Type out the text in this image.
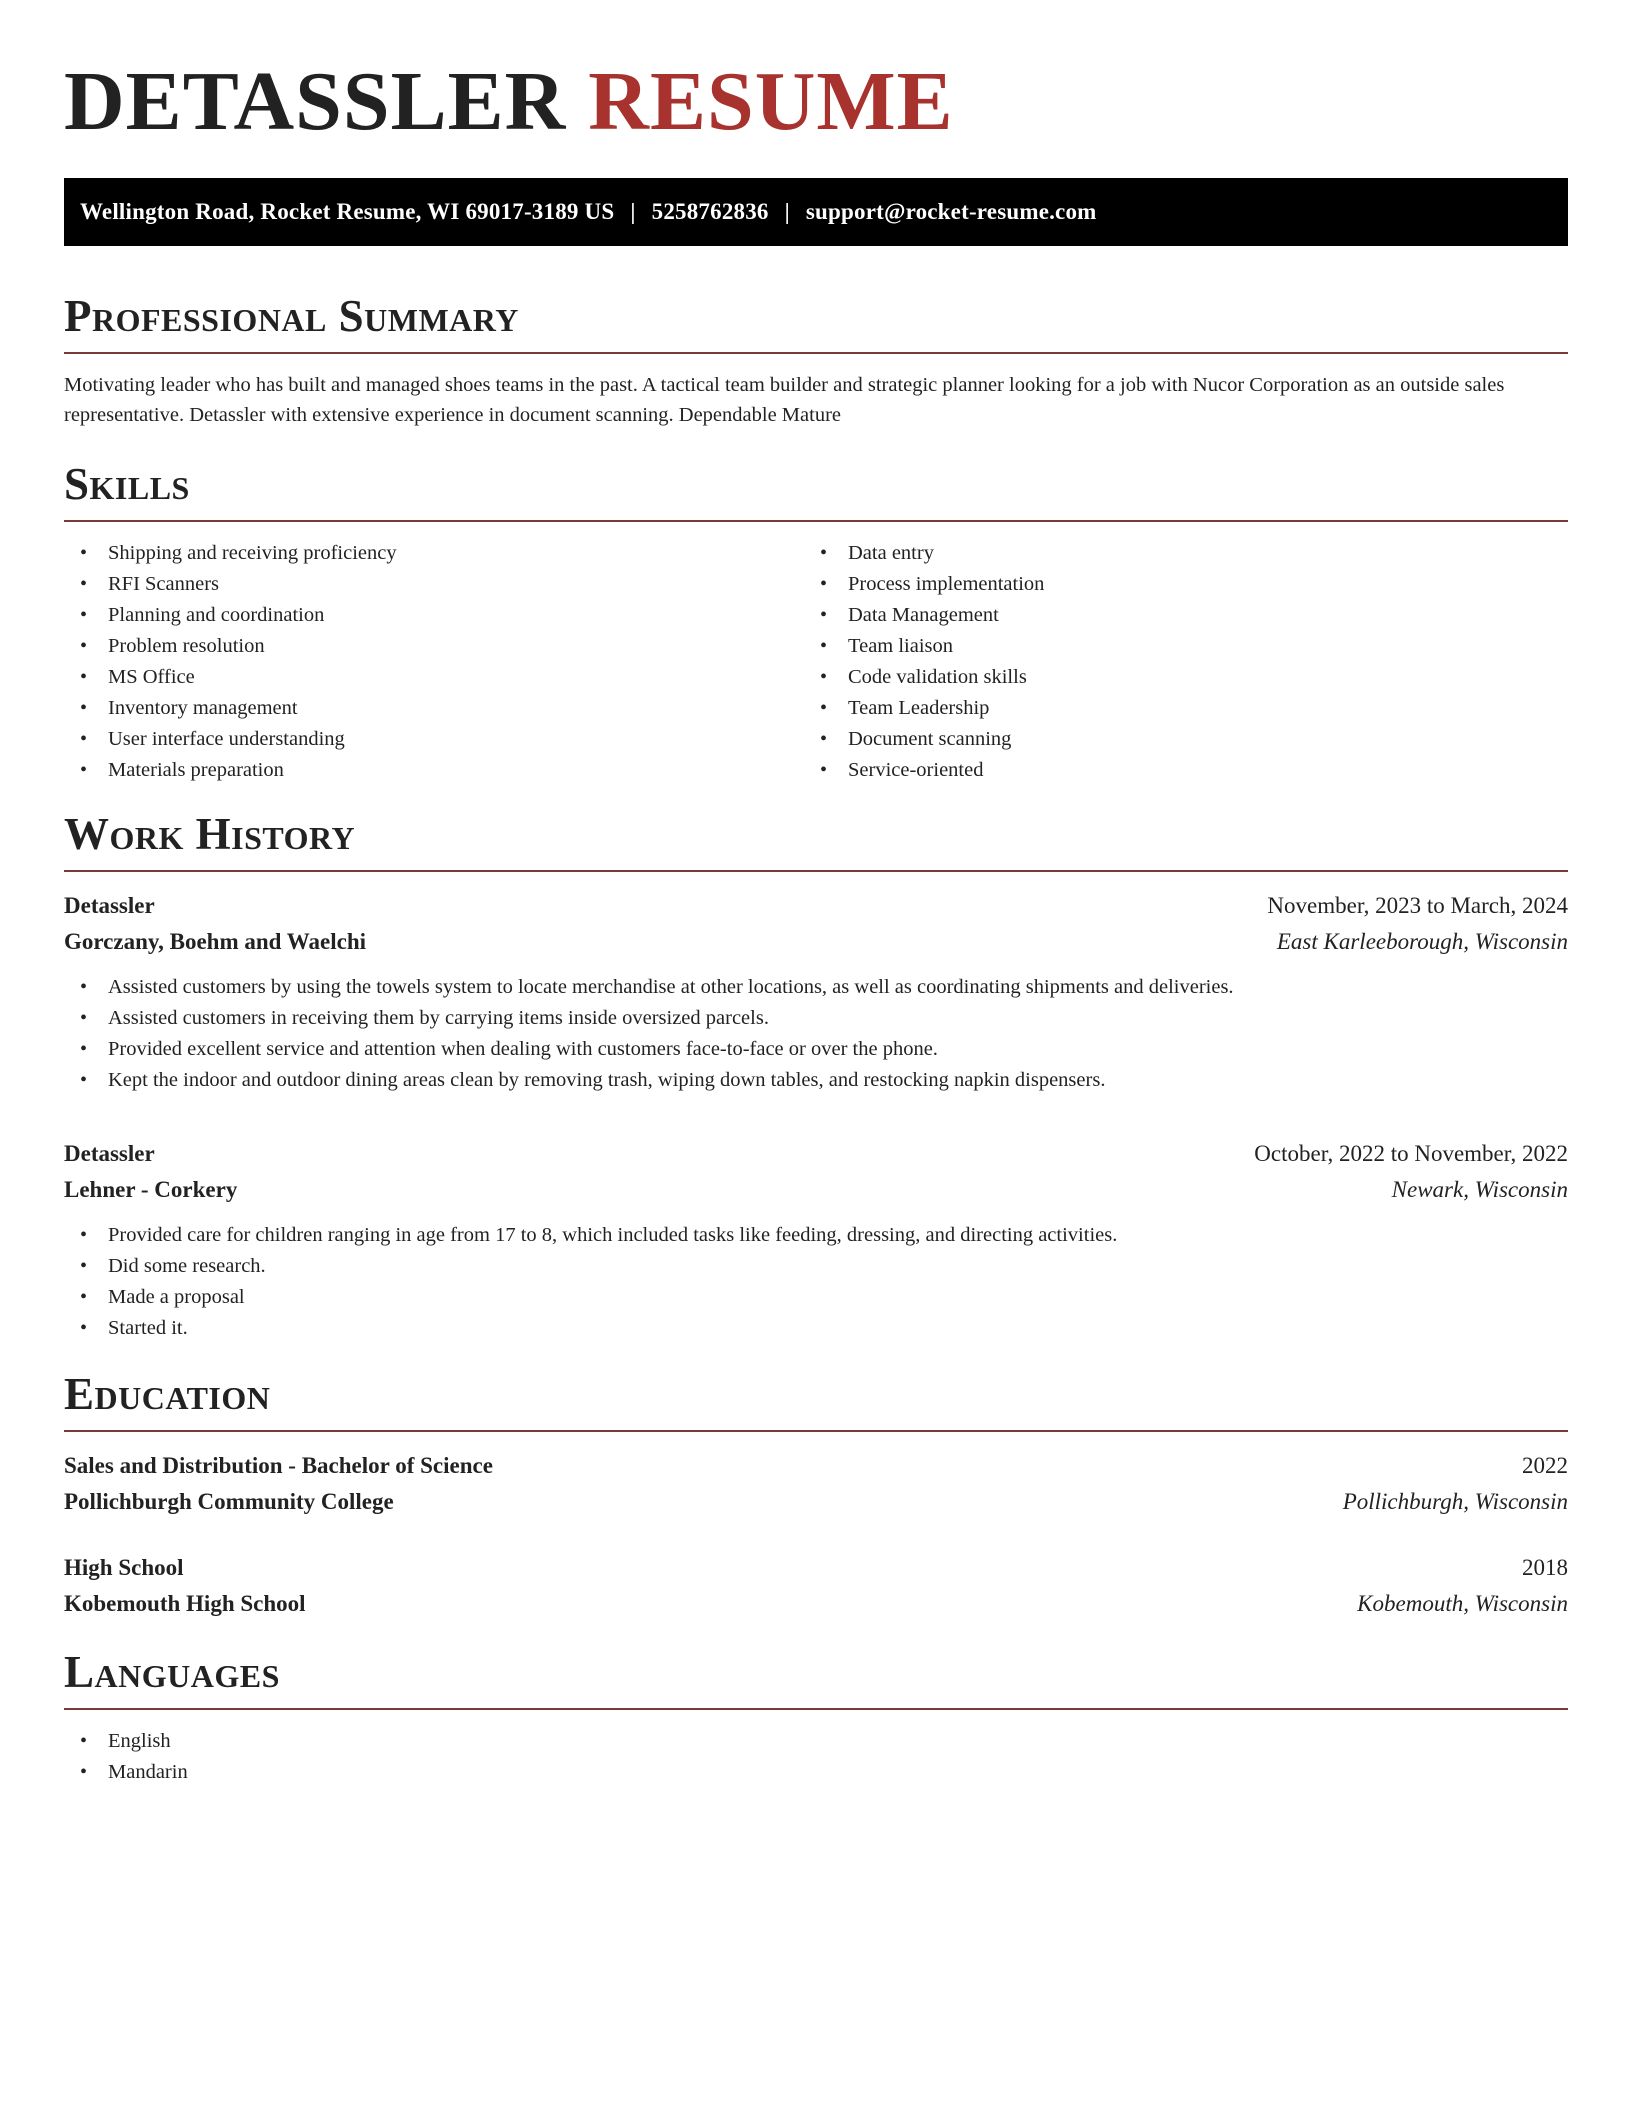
DETASSLER RESUME
Wellington Road, Rocket Resume, WI 69017-3189 US | 5258762836 | support@rocket-resume.com
Professional Summary

Motivating leader who has built and managed shoes teams in the past. A tactical team builder and strategic planner looking for a job with Nucor Corporation as an outside sales representative. Detassler with extensive experience in document scanning. Dependable Mature

Skills
• Shipping and receiving proficiency
• RFI Scanners
• Planning and coordination
• Problem resolution
• MS Office
• Inventory management
• User interface understanding
• Materials preparation
• Data entry
• Process implementation
• Data Management
• Team liaison
• Code validation skills
• Team Leadership
• Document scanning
• Service-oriented
Work History
Detassler	November, 2023 to March, 2024
Gorczany, Boehm and Waelchi	East Karleeborough, Wisconsin
• Assisted customers by using the towels system to locate merchandise at other locations, as well as coordinating shipments and deliveries.
• Assisted customers in receiving them by carrying items inside oversized parcels.
• Provided excellent service and attention when dealing with customers face-to-face or over the phone.
• Kept the indoor and outdoor dining areas clean by removing trash, wiping down tables, and restocking napkin dispensers.
Detassler	October, 2022 to November, 2022
Lehner - Corkery	Newark, Wisconsin
• Provided care for children ranging in age from 17 to 8, which included tasks like feeding, dressing, and directing activities.
• Did some research.
• Made a proposal
• Started it.
Education
Sales and Distribution - Bachelor of Science	2022
Pollichburgh Community College	Pollichburgh, Wisconsin
High School	2018
Kobemouth High School	Kobemouth, Wisconsin
Languages
• English
• Mandarin
